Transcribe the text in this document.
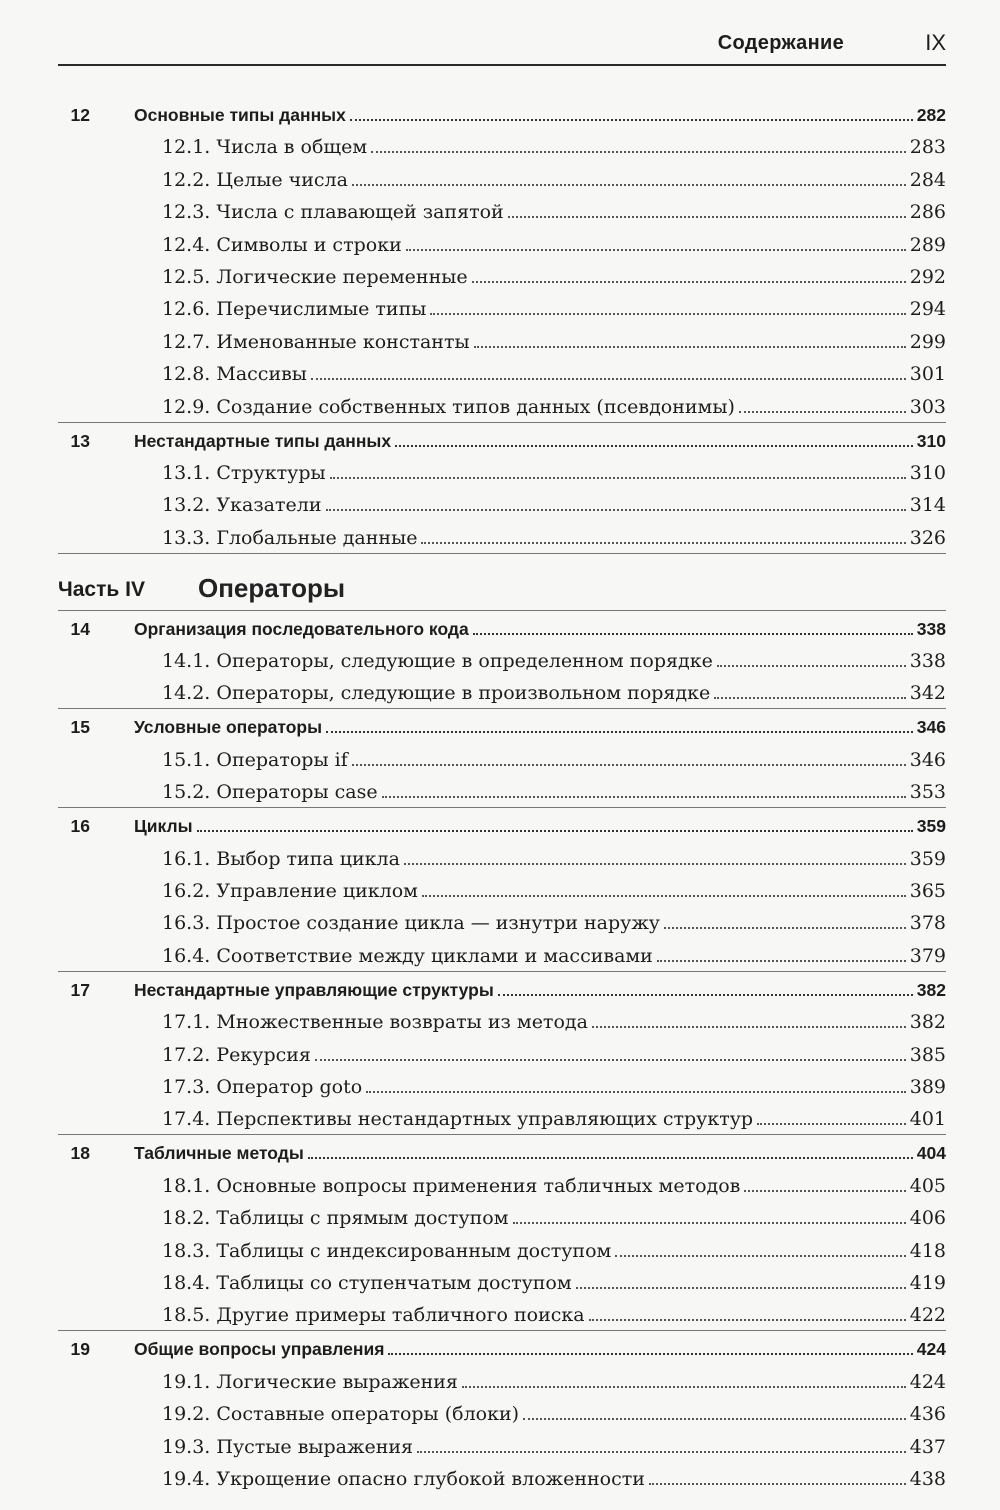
Содержание	IX
12	Основные типы данных	282
12.1. Числа в общем	283
12.2. Целые числа	284
12.3. Числа с плавающей запятой	286
12.4. Символы и строки	289
12.5. Логические переменные	292
12.6. Перечислимые типы	294
12.7. Именованные константы	299
12.8. Массивы	301
12.9. Создание собственных типов данных (псевдонимы)	303
13	Нестандартные типы данных	310
13.1. Структуры	310
13.2. Указатели	314
13.3. Глобальные данные	326
Часть IV	Операторы
14	Организация последовательного кода	338
14.1. Операторы, следующие в определенном порядке	338
14.2. Операторы, следующие в произвольном порядке	342
15	Условные операторы	346
15.1. Операторы if	346
15.2. Операторы case	353
16	Циклы	359
16.1. Выбор типа цикла	359
16.2. Управление циклом	365
16.3. Простое создание цикла — изнутри наружу	378
16.4. Соответствие между циклами и массивами	379
17	Нестандартные управляющие структуры	382
17.1. Множественные возвраты из метода	382
17.2. Рекурсия	385
17.3. Оператор goto	389
17.4. Перспективы нестандартных управляющих структур	401
18	Табличные методы	404
18.1. Основные вопросы применения табличных методов	405
18.2. Таблицы с прямым доступом	406
18.3. Таблицы с индексированным доступом	418
18.4. Таблицы со ступенчатым доступом	419
18.5. Другие примеры табличного поиска	422
19	Общие вопросы управления	424
19.1. Логические выражения	424
19.2. Составные операторы (блоки)	436
19.3. Пустые выражения	437
19.4. Укрощение опасно глубокой вложенности	438
